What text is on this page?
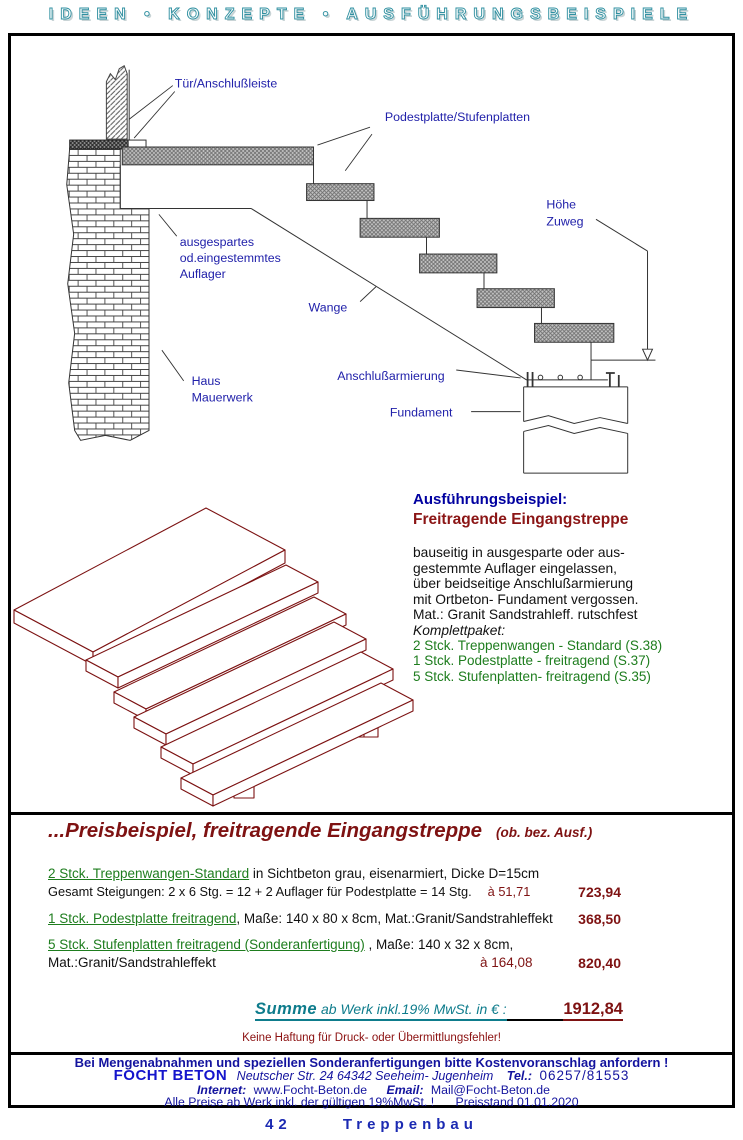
IDEEN • KONZEPTE • AUSFÜHRUNGSBEISPIELE
Tür/Anschlußleiste
Podestplatte/Stufenplatten
Höhe
Zuweg
ausgespartes
od.eingestemmtes
Auflager
Wange
Haus
Mauerwerk
Anschlußarmierung
Fundament
Ausführungsbeispiel:
Freitragende Eingangstreppe
bauseitig in ausgesparte oder aus-
gestemmte Auflager eingelassen,
über beidseitige Anschlußarmierung
mit Ortbeton- Fundament vergossen.
Mat.: Granit Sandstrahleff. rutschfest
Komplettpaket:
2 Stck. Treppenwangen - Standard (S.38)
1 Stck. Podestplatte - freitragend (S.37)
5 Stck. Stufenplatten- freitragend (S.35)
...Preisbeispiel, freitragende Eingangstreppe (ob. bez. Ausf.)
2 Stck. Treppenwangen-Standard in Sichtbeton grau, eisenarmiert, Dicke D=15cm
Gesamt Steigungen: 2 x 6 Stg. = 12 + 2 Auflager für Podestplatte = 14 Stg. à 51,71	723,94
1 Stck. Podestplatte freitragend, Maße: 140 x 80 x 8cm, Mat.:Granit/Sandstrahleffekt	368,50
5 Stck. Stufenplatten freitragend (Sonderanfertigung) , Maße: 140 x 32 x 8cm,
Mat.:Granit/Sandstrahleffekt	à 164,08	820,40
Summe ab Werk inkl.19% MwSt. in € :	1912,84
Keine Haftung für Druck- oder Übermittlungsfehler!
Bei Mengenabnahmen und speziellen Sonderanfertigungen bitte Kostenvoranschlag anfordern !
FOCHT BETON Neutscher Str. 24 64342 Seeheim- Jugenheim Tel.: 06257/81553
Internet: www.Focht-Beton.de Email: Mail@Focht-Beton.de
Alle Preise ab Werk inkl. der gültigen 19%MwSt. ! Preisstand 01.01.2020
42	Treppenbau
